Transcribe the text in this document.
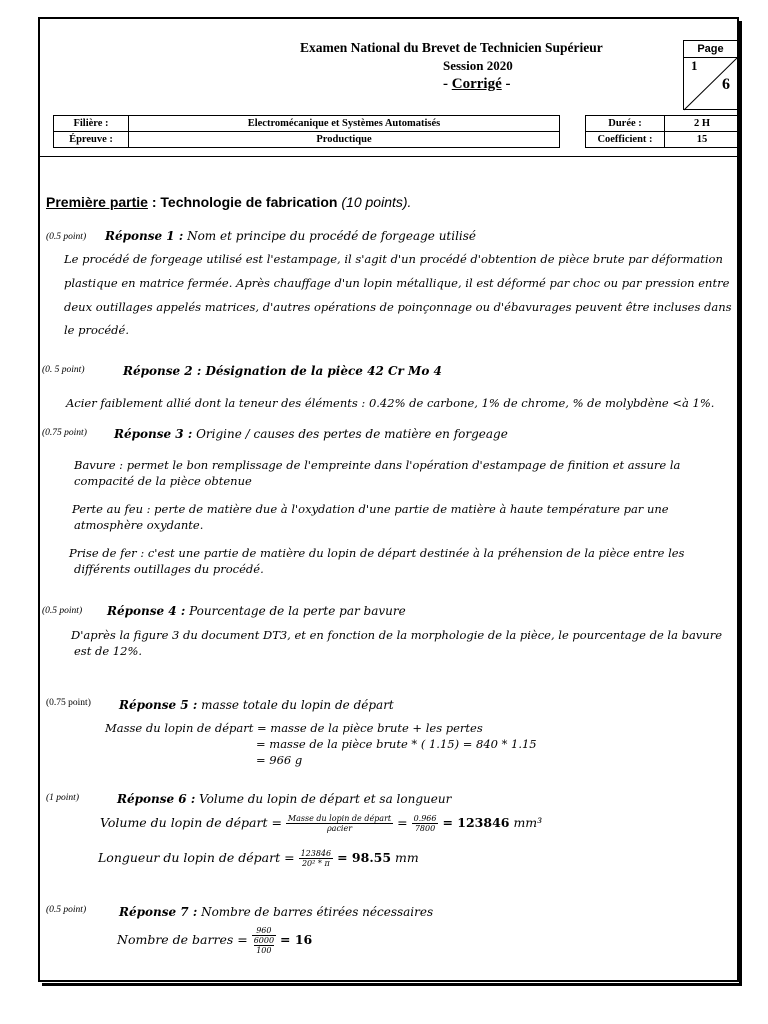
Examen National du Brevet de Technicien Supérieur
Session 2020
- Corrigé -
Page
1
6
Filière :	Electromécanique et Systèmes Automatisés
Épreuve :	Productique
Durée :	2 H
Coefficient :	15
Première partie : Technologie de fabrication (10 points).
(0.5 point) Réponse 1 : Nom et principe du procédé de forgeage utilisé
Le procédé de forgeage utilisé est l'estampage, il s'agit d'un procédé d'obtention de pièce brute par déformation
plastique en matrice fermée. Après chauffage d'un lopin métallique, il est déformé par choc ou par pression entre
deux outillages appelés matrices, d'autres opérations de poinçonnage ou d'ébavurages peuvent être incluses dans
le procédé.
(0. 5 point)	Réponse 2 : Désignation de la pièce 42 Cr Mo 4
Acier faiblement allié dont la teneur des éléments : 0.42% de carbone, 1% de chrome, % de molybdène <à 1%.
(0.75 point) Réponse 3 : Origine / causes des pertes de matière en forgeage
Bavure : permet le bon remplissage de l'empreinte dans l'opération d'estampage de finition et assure la
compacité de la pièce obtenue
Perte au feu : perte de matière due à l'oxydation d'une partie de matière à haute température par une
atmosphère oxydante.
Prise de fer : c'est une partie de matière du lopin de départ destinée à la préhension de la pièce entre les
différents outillages du procédé.
(0.5 point) Réponse 4 : Pourcentage de la perte par bavure
D'après la figure 3 du document DT3, et en fonction de la morphologie de la pièce, le pourcentage de la bavure
est de 12%.
(0.75 point) Réponse 5 : masse totale du lopin de départ
Masse du lopin de départ = masse de la pièce brute + les pertes
= masse de la pièce brute * ( 1.15) = 840 * 1.15
= 966 g
(1 point)	Réponse 6 : Volume du lopin de départ et sa longueur
Volume du lopin de départ = $\frac{\text{Masse du lopin de départ}}{\text{ρacier}} = \frac{0.966}{7800} = 123846$ mm³
Longueur du lopin de départ = $\frac{123846}{\text{20² * π}} = 98.55$ mm
(0.5 point)	Réponse 7 : Nombre de barres étirées nécessaires
Nombre de barres = 960
6000
100 = 16
